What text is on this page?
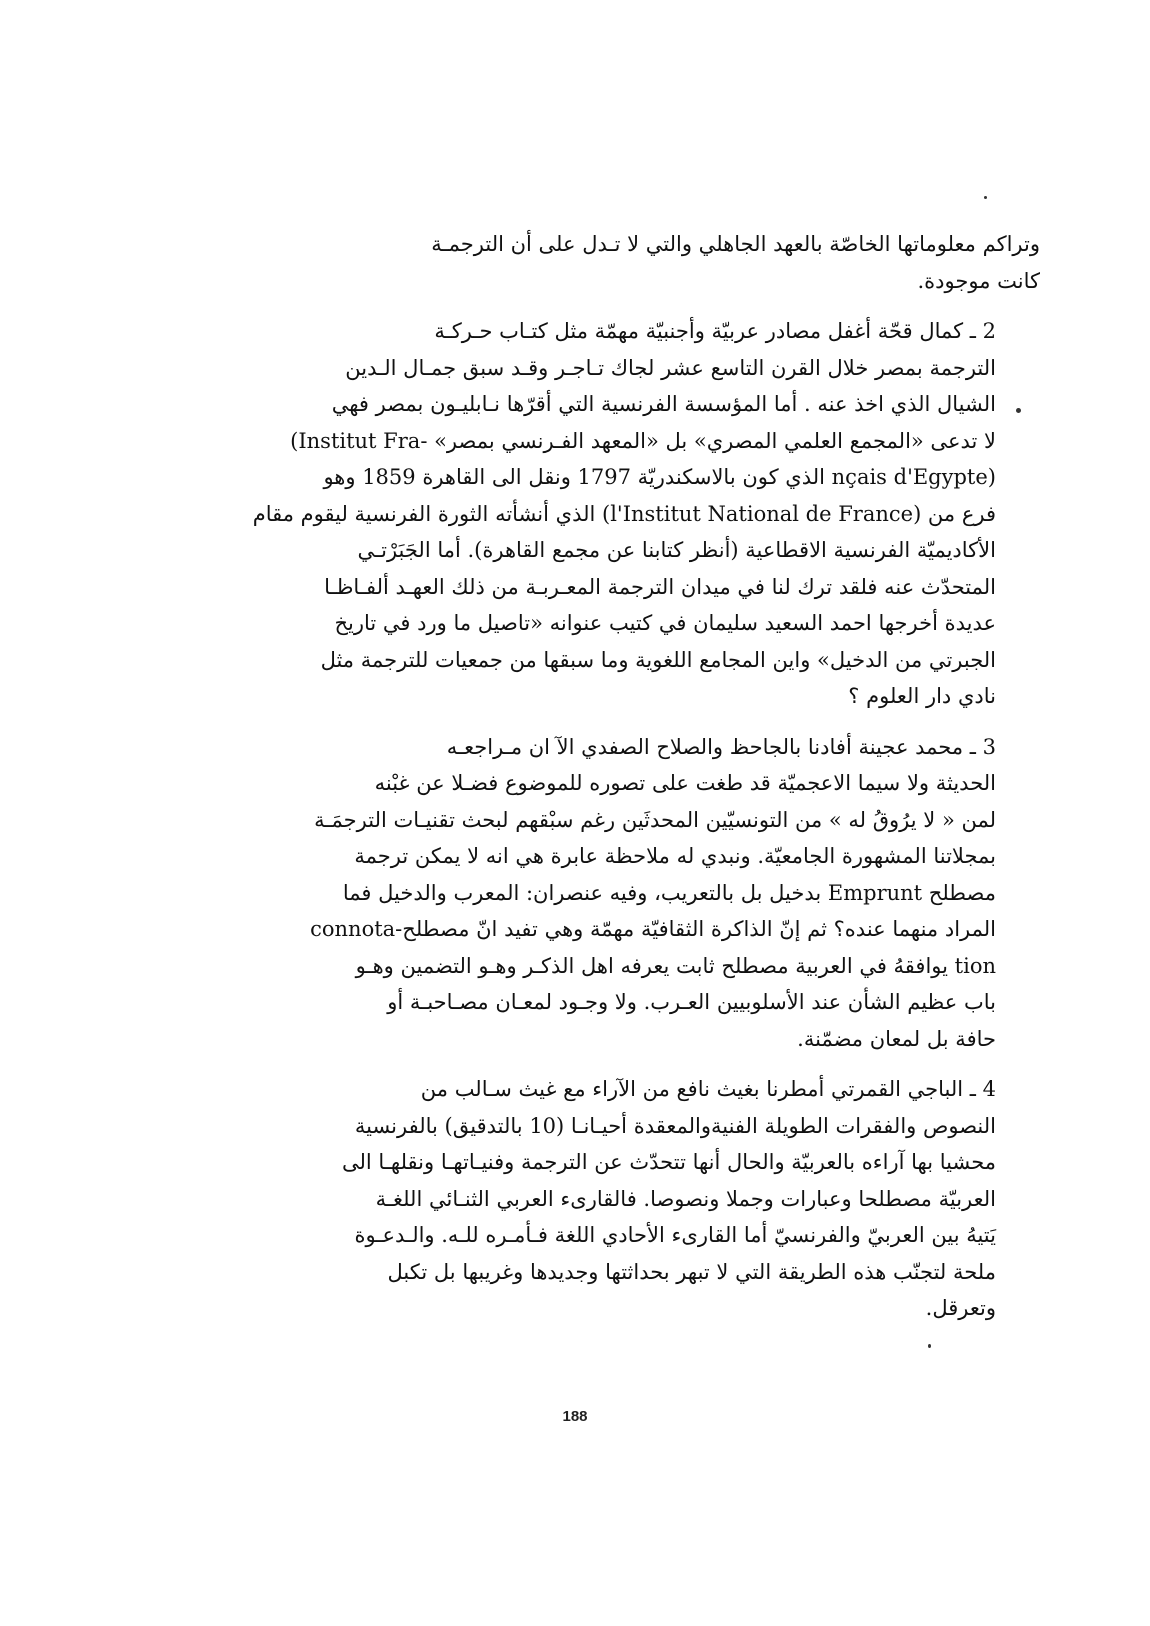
وتراكم معلوماتها الخاصّة بالعهد الجاهلي والتي لا تـدل على أن الترجمـة

كانت موجودة.

2 ـ كمال قحّة أغفل مصادر عربيّة وأجنبيّة مهمّة مثل كتـاب حـركـة

الترجمة بمصر خلال القرن التاسع عشر لجاك تـاجـر وقـد سبق جمـال الـدين

الشيال الذي اخذ عنه . أما المؤسسة الفرنسية التي أقرّها نـابليـون بمصر فهي

لا تدعى «المجمع العلمي المصري» بل «المعهد الفـرنسي بمصر» -Institut Fra)

(nçais d'Egypte الذي كون بالاسكندريّة 1797 ونقل الى القاهرة 1859 وهو

فرع من (l'Institut National de France) الذي أنشأته الثورة الفرنسية ليقوم مقام

الأكاديميّة الفرنسية الاقطاعية (أنظر كتابنا عن مجمع القاهرة). أما الجَبَرْتـي

المتحدّث عنه فلقد ترك لنا في ميدان الترجمة المعـربـة من ذلك العهـد ألفـاظـا

عديدة أخرجها احمد السعيد سليمان في كتيب عنوانه «تاصيل ما ورد في تاريخ

الجبرتي من الدخيل» واين المجامع اللغوية وما سبقها من جمعيات للترجمة مثل

نادي دار العلوم ؟

3 ـ محمد عجينة أفادنا بالجاحظ والصلاح الصفدي الآ ان مـراجعـه

الحديثة ولا سيما الاعجميّة قد طغت على تصوره للموضوع فضـلا عن غبْنه

لمن « لا يرُوقُ له » من التونسيّين المحدثَين رغم سبْقهم لبحث تقنيـات الترجمَـة

بمجلاتنا المشهورة الجامعيّة. ونبدي له ملاحظة عابرة هي انه لا يمكن ترجمة

مصطلح Emprunt بدخيل بل بالتعريب، وفيه عنصران: المعرب والدخيل فما

المراد منهما عنده؟ ثم إنّ الذاكرة الثقافيّة مهمّة وهي تفيد انّ مصطلح-connota

tion يوافقهُ في العربية مصطلح ثابت يعرفه اهل الذكـر وهـو التضمين وهـو

باب عظيم الشأن عند الأسلوبيين العـرب. ولا وجـود لمعـان مصـاحبـة أو

حافة بل لمعان مضمّنة.

4 ـ الباجي القمرتي أمطرنا بغيث نافع من الآراء مع غيث سـالب من

النصوص والفقرات الطويلة الفنيةوالمعقدة أحيـانـا (10 بالتدقيق) بالفرنسية

محشيا بها آراءه بالعربيّة والحال أنها تتحدّث عن الترجمة وفنيـاتهـا ونقلهـا الى

العربيّة مصطلحا وعبارات وجملا ونصوصا. فالقارىء العربي الثنـائي اللغـة

يَتيهُ بين العربيّ والفرنسيّ أما القارىء الأحادي اللغة فـأمـره للـه. والـدعـوة

ملحة لتجنّب هذه الطريقة التي لا تبهر بحداثتها وجديدها وغريبها بل تكبل

وتعرقل.

188
